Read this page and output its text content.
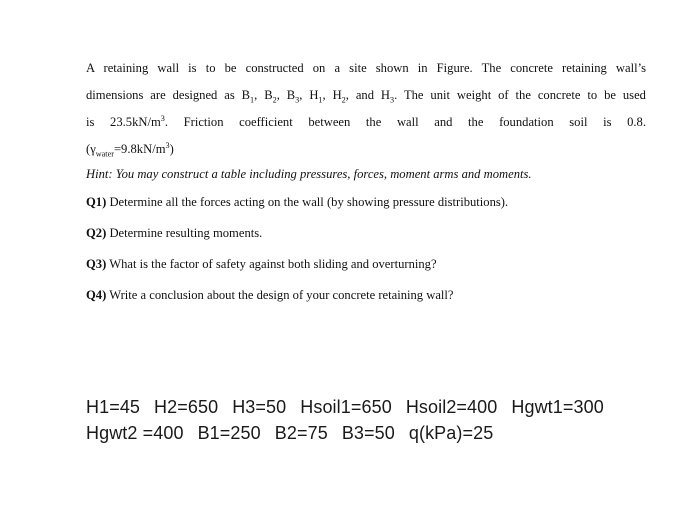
A retaining wall is to be constructed on a site shown in Figure. The concrete retaining wall’s
dimensions are designed as $B_1$, $B_2$, $B_3$, $H_1$, $H_2$, and $H_3$. The unit weight of the concrete to be used
is $23.5kN/m^3$. Friction coefficient between the wall and the foundation soil is 0.8.
$(\gamma_{water}=9.8kN/m^3)$

Hint: You may construct a table including pressures, forces, moment arms and moments.

Q1) Determine all the forces acting on the wall (by showing pressure distributions).

Q2) Determine resulting moments.

Q3) What is the factor of safety against both sliding and overturning?

Q4) Write a conclusion about the design of your concrete retaining wall?

H1=45 H2=650 H3=50 Hsoil1=650 Hsoil2=400 Hgwt1=300
Hgwt2 =400 B1=250 B2=75 B3=50 q(kPa)=25
